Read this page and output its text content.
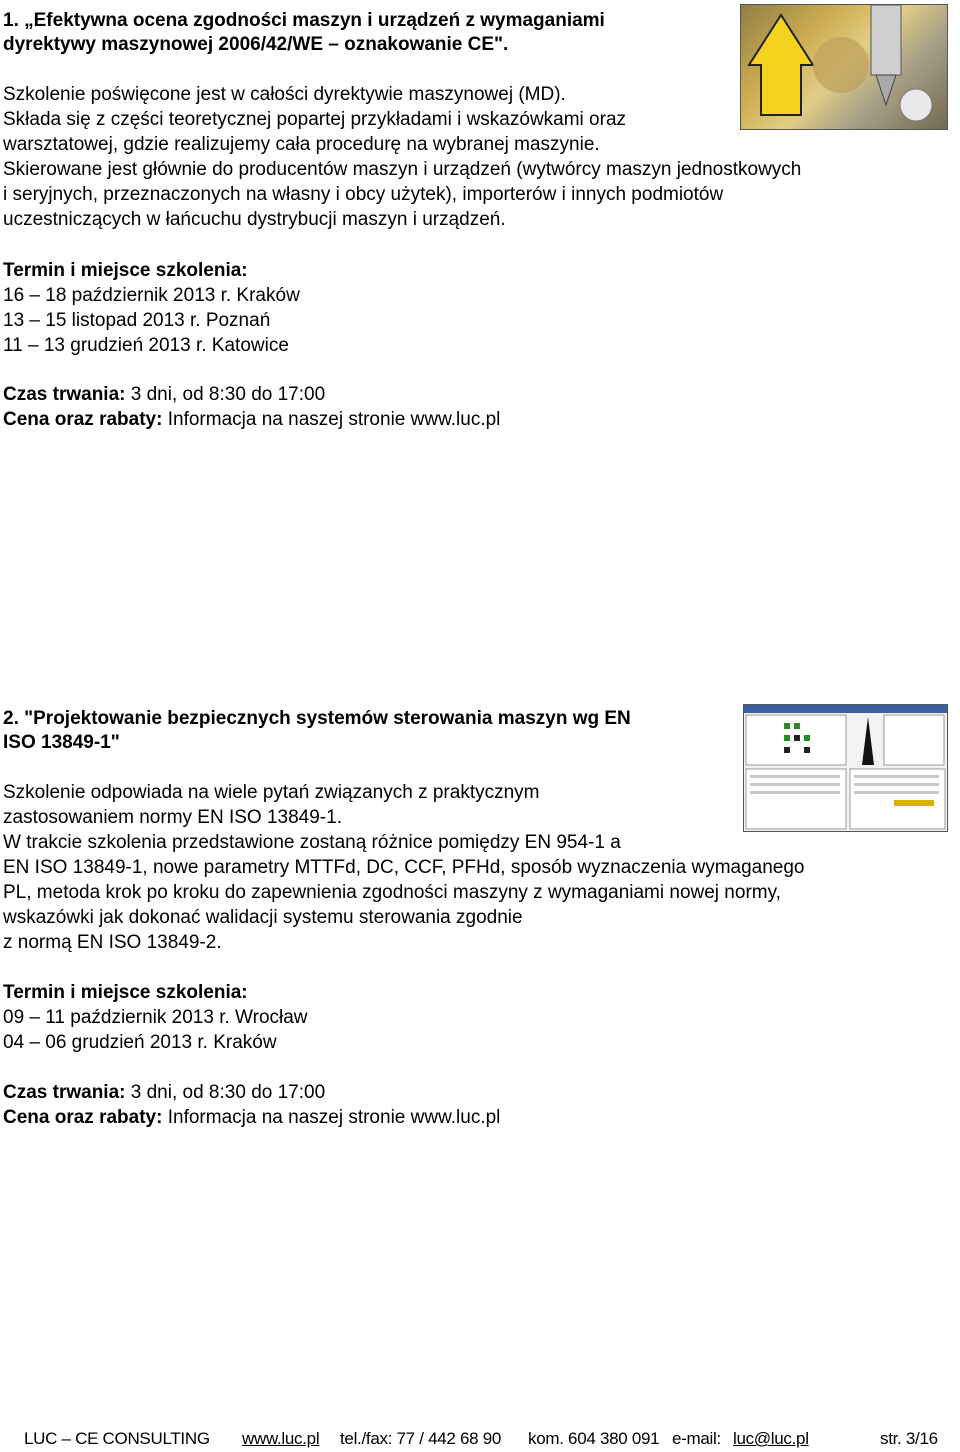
1. „Efektywna ocena zgodności maszyn i urządzeń z wymaganiami
dyrektywy maszynowej 2006/42/WE – oznakowanie CE".
Szkolenie poświęcone jest w całości dyrektywie maszynowej (MD).
Składa się z części teoretycznej popartej przykładami i wskazówkami oraz
warsztatowej, gdzie realizujemy cała procedurę na wybranej maszynie.
Skierowane jest głównie do producentów maszyn i urządzeń (wytwórcy maszyn jednostkowych
i seryjnych, przeznaczonych na własny i obcy użytek), importerów i innych podmiotów
uczestniczących w łańcuchu dystrybucji maszyn i urządzeń.
Termin i miejsce szkolenia:
16 – 18 październik 2013 r. Kraków
13 – 15 listopad 2013 r. Poznań
11 – 13 grudzień 2013 r. Katowice
Czas trwania: 3 dni, od 8:30 do 17:00
Cena oraz rabaty: Informacja na naszej stronie www.luc.pl
2. "Projektowanie bezpiecznych systemów sterowania maszyn wg EN
ISO 13849-1"
Szkolenie odpowiada na wiele pytań związanych z praktycznym
zastosowaniem normy EN ISO 13849-1.
W trakcie szkolenia przedstawione zostaną różnice pomiędzy EN 954-1 a
EN ISO 13849-1, nowe parametry MTTFd, DC, CCF, PFHd, sposób wyznaczenia wymaganego
PL, metoda krok po kroku do zapewnienia zgodności maszyny z wymaganiami nowej normy,
wskazówki jak dokonać walidacji systemu sterowania zgodnie
z normą EN ISO 13849-2.
Termin i miejsce szkolenia:
09 – 11 październik 2013 r. Wrocław
04 – 06 grudzień 2013 r. Kraków
Czas trwania: 3 dni, od 8:30 do 17:00
Cena oraz rabaty: Informacja na naszej stronie www.luc.pl
LUC – CE CONSULTING www.luc.pl tel./fax: 77 / 442 68 90 kom. 604 380 091 e-mail: luc@luc.pl	str. 3/16
